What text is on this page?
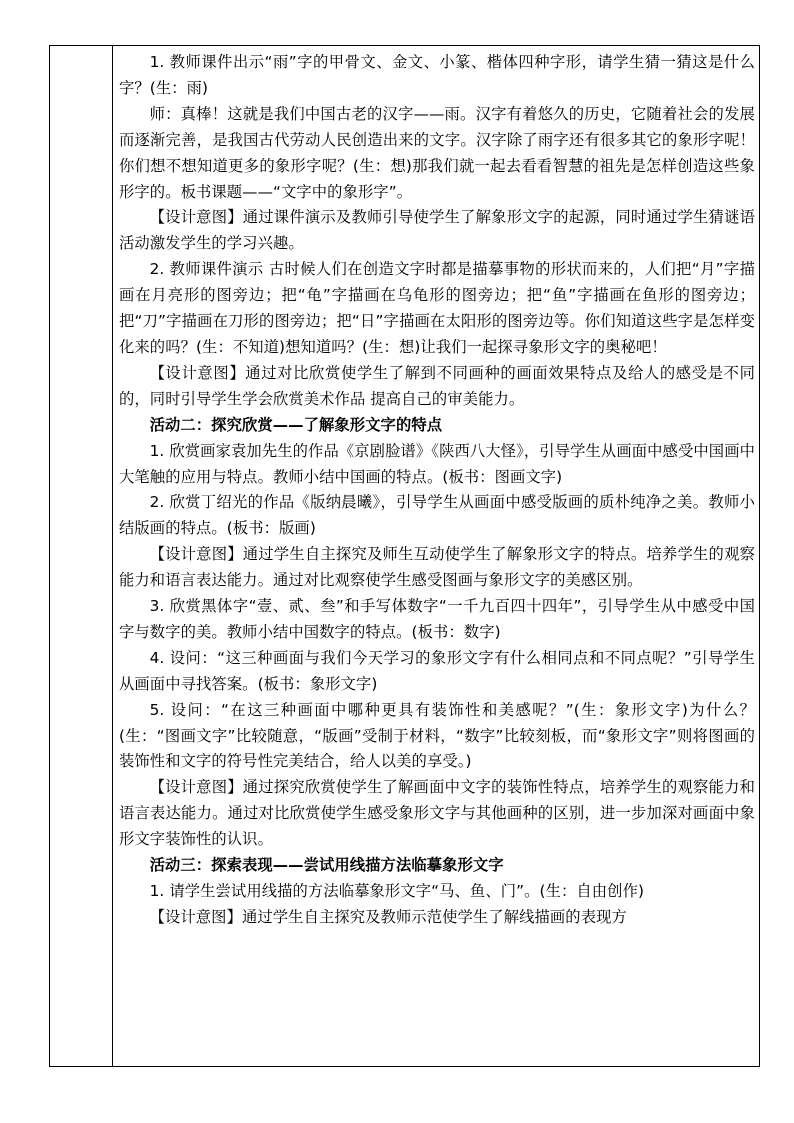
1. 教师课件出示“雨”字的甲骨文、金文、小篆、楷体四种字形，请学生猜一猜这是什么字？(生：雨)

师：真棒！这就是我们中国古老的汉字——雨。汉字有着悠久的历史，它随着社会的发展而逐渐完善，是我国古代劳动人民创造出来的文字。汉字除了雨字还有很多其它的象形字呢！你们想不想知道更多的象形字呢？(生：想)那我们就一起去看看智慧的祖先是怎样创造这些象形字的。板书课题——“文字中的象形字”。

【设计意图】通过课件演示及教师引导使学生了解象形文字的起源，同时通过学生猜谜语活动激发学生的学习兴趣。

2. 教师课件演示 古时候人们在创造文字时都是描摹事物的形状而来的，人们把“月”字描画在月亮形的图旁边；把“龟”字描画在乌龟形的图旁边；把“鱼”字描画在鱼形的图旁边；把“刀”字描画在刀形的图旁边；把“日”字描画在太阳形的图旁边等。你们知道这些字是怎样变化来的吗？(生：不知道)想知道吗？(生：想)让我们一起探寻象形文字的奥秘吧！

【设计意图】通过对比欣赏使学生了解到不同画种的画面效果特点及给人的感受是不同的，同时引导学生学会欣赏美术作品 提高自己的审美能力。

活动二：探究欣赏——了解象形文字的特点

1. 欣赏画家袁加先生的作品《京剧脸谱》《陕西八大怪》，引导学生从画面中感受中国画中大笔触的应用与特点。教师小结中国画的特点。(板书：图画文字)

2. 欣赏丁绍光的作品《版纳晨曦》，引导学生从画面中感受版画的质朴纯净之美。教师小结版画的特点。(板书：版画)

【设计意图】通过学生自主探究及师生互动使学生了解象形文字的特点。培养学生的观察能力和语言表达能力。通过对比观察使学生感受图画与象形文字的美感区别。

3. 欣赏黑体字“壹、贰、叁”和手写体数字“一千九百四十四年”，引导学生从中感受中国字与数字的美。教师小结中国数字的特点。(板书：数字)

4. 设问：“这三种画面与我们今天学习的象形文字有什么相同点和不同点呢？”引导学生从画面中寻找答案。(板书：象形文字)

5. 设问：“在这三种画面中哪种更具有装饰性和美感呢？”(生：象形文字)为什么？(生：“图画文字”比较随意，“版画”受制于材料，“数字”比较刻板，而“象形文字”则将图画的装饰性和文字的符号性完美结合，给人以美的享受。)

【设计意图】通过探究欣赏使学生了解画面中文字的装饰性特点，培养学生的观察能力和语言表达能力。通过对比欣赏使学生感受象形文字与其他画种的区别，进一步加深对画面中象形文字装饰性的认识。

活动三：探索表现——尝试用线描方法临摹象形文字

1. 请学生尝试用线描的方法临摹象形文字“马、鱼、门”。(生：自由创作)

【设计意图】通过学生自主探究及教师示范使学生了解线描画的表现方
